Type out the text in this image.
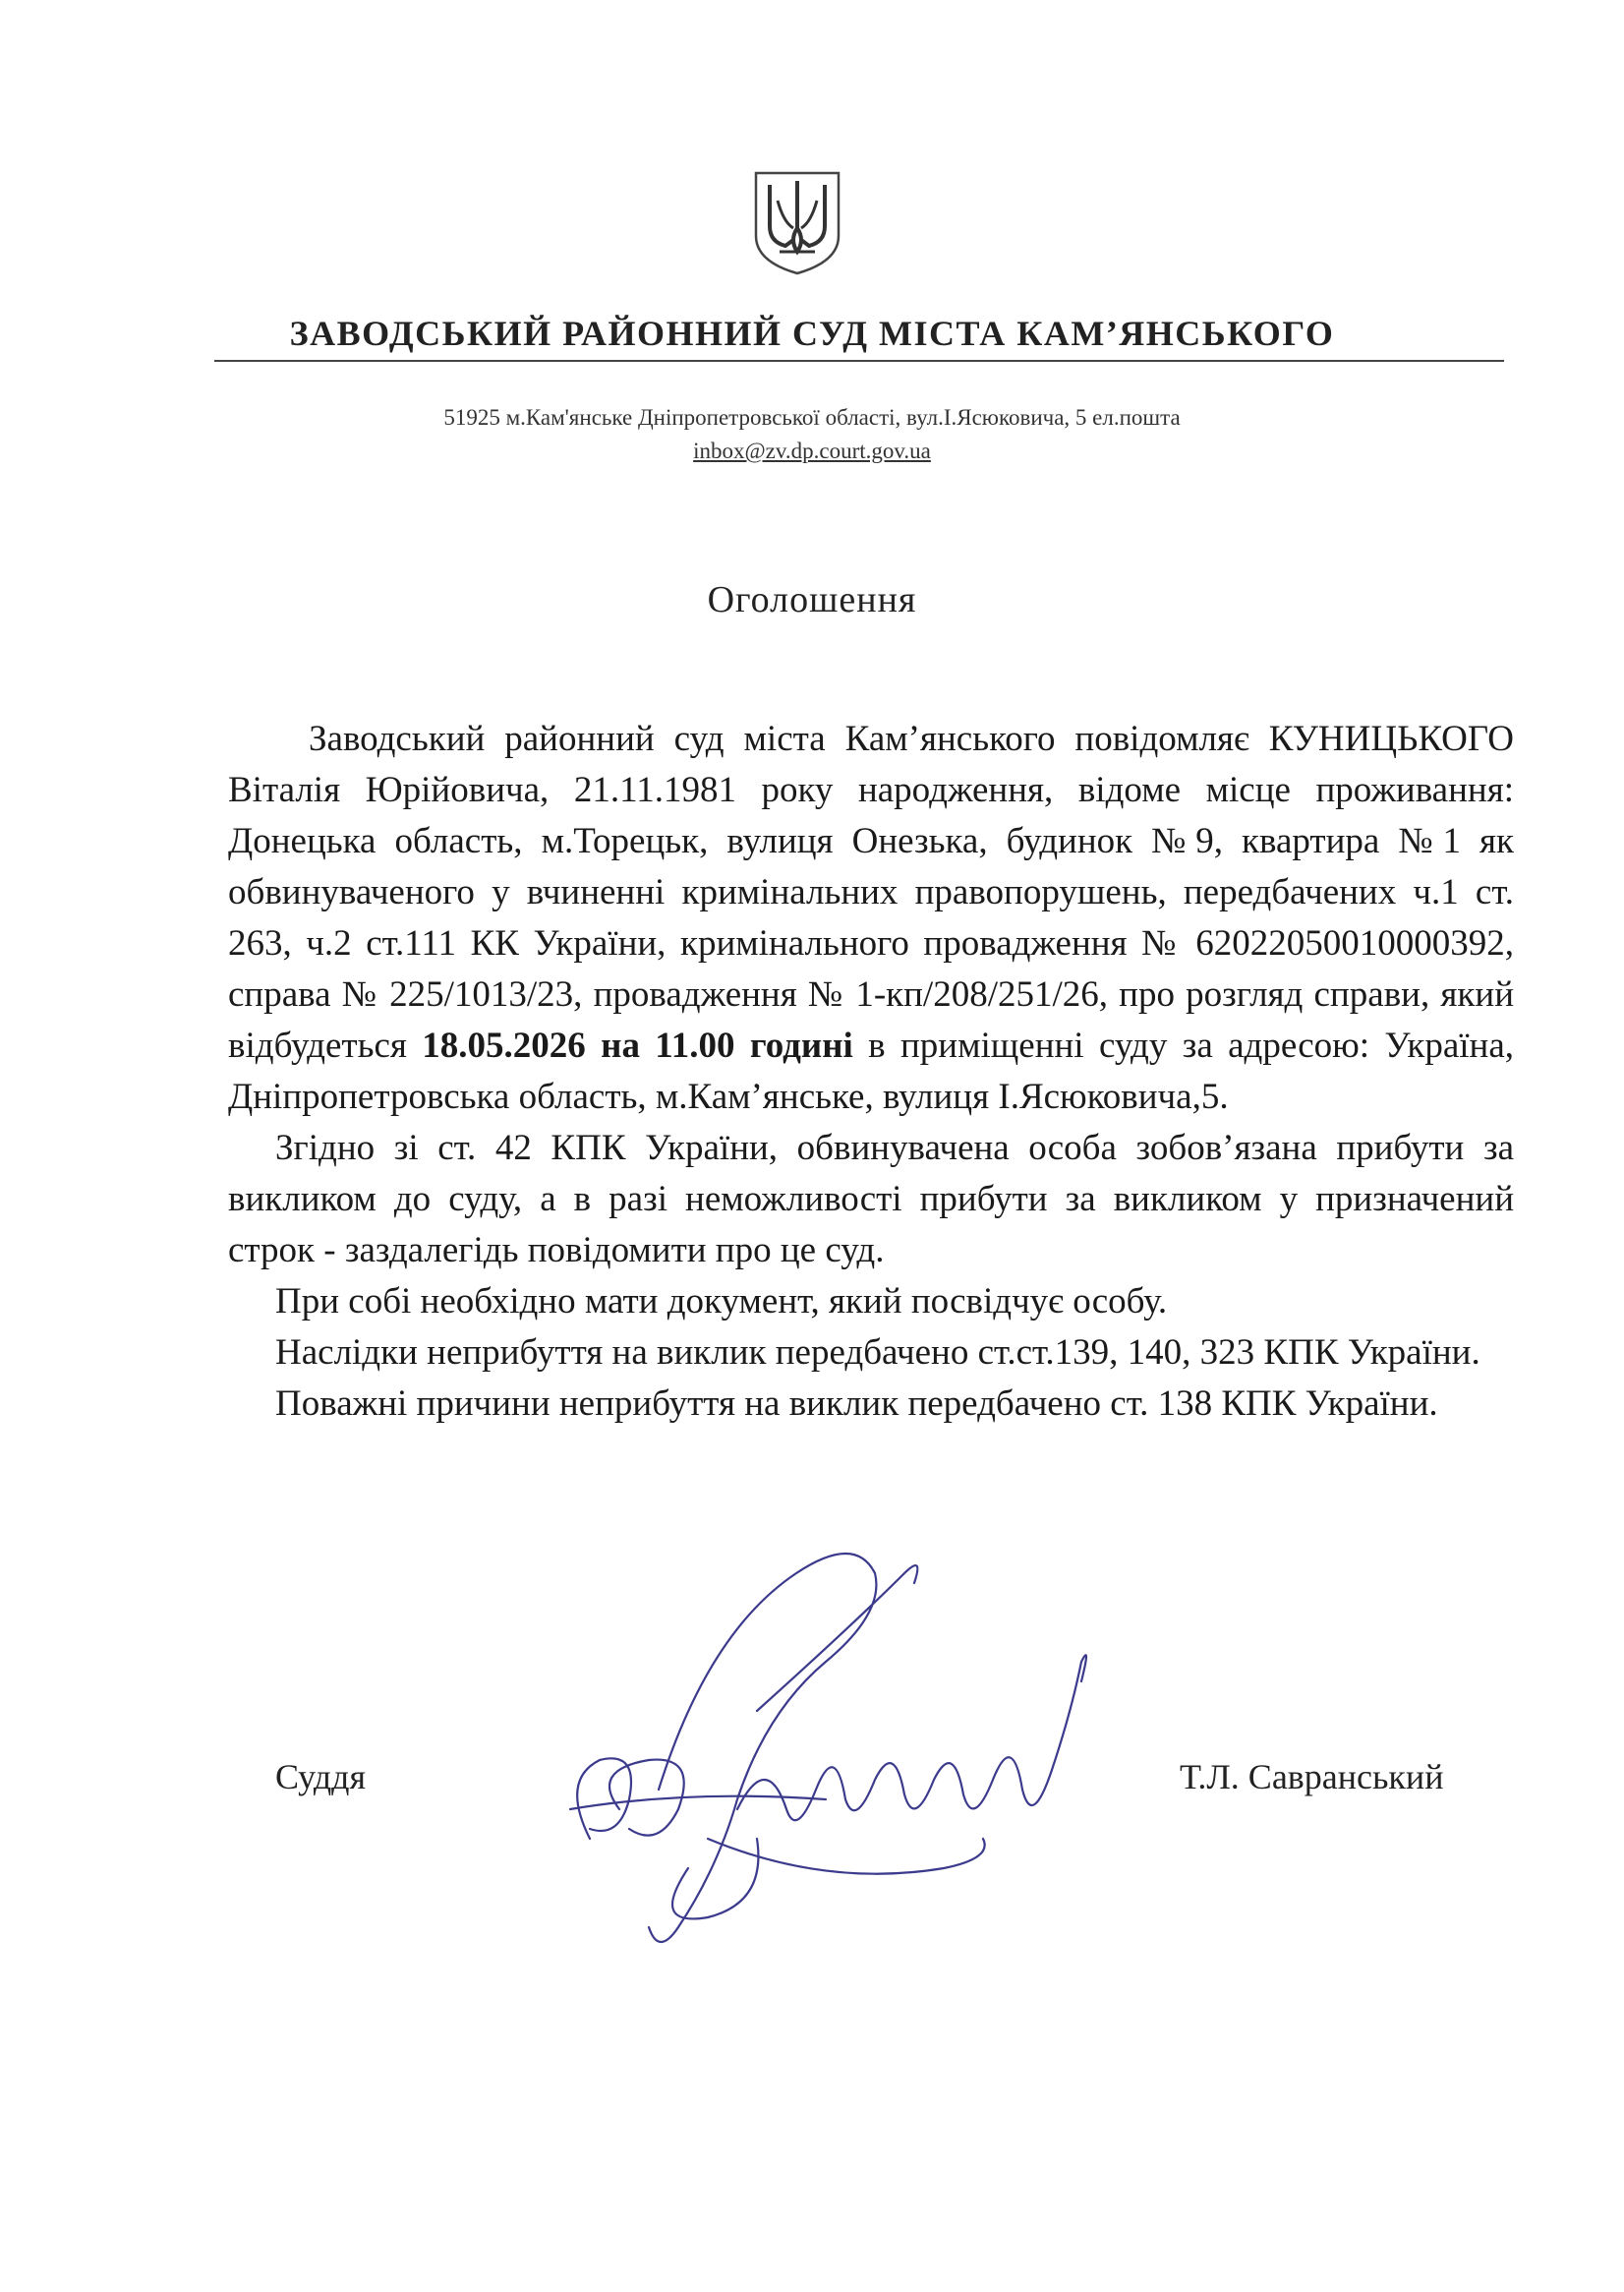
ЗАВОДСЬКИЙ РАЙОННИЙ СУД МІСТА КАМ’ЯНСЬКОГО
51925 м.Кам'янське Дніпропетровської області, вул.І.Ясюковича, 5 ел.пошта
inbox@zv.dp.court.gov.ua
Оголошення

Заводський районний суд міста Кам’янського повідомляє КУНИЦЬКОГО Віталія Юрійовича, 21.11.1981 року народження, відоме місце проживання: Донецька область, м.Торецьк, вулиця Онезька, будинок №9, квартира №1 як обвинуваченого у вчиненні кримінальних правопорушень, передбачених ч.1 ст. 263, ч.2 ст.111 КК України, кримінального провадження № 62022050010000392, справа № 225/1013/23, провадження № 1-кп/208/251/26, про розгляд справи, який відбудеться 18.05.2026 на 11.00 годині в приміщенні суду за адресою: Україна, Дніпропетровська область, м.Кам’янське, вулиця І.Ясюковича,5.

Згідно зі ст. 42 КПК України, обвинувачена особа зобов’язана прибути за викликом до суду, а в разі неможливості прибути за викликом у призначений строк - заздалегідь повідомити про це суд.

При собі необхідно мати документ, який посвідчує особу.

Наслідки неприбуття на виклик передбачено ст.ст.139, 140, 323 КПК України.

Поважні причини неприбуття на виклик передбачено ст. 138 КПК України.

Суддя	Т.Л. Савранський
